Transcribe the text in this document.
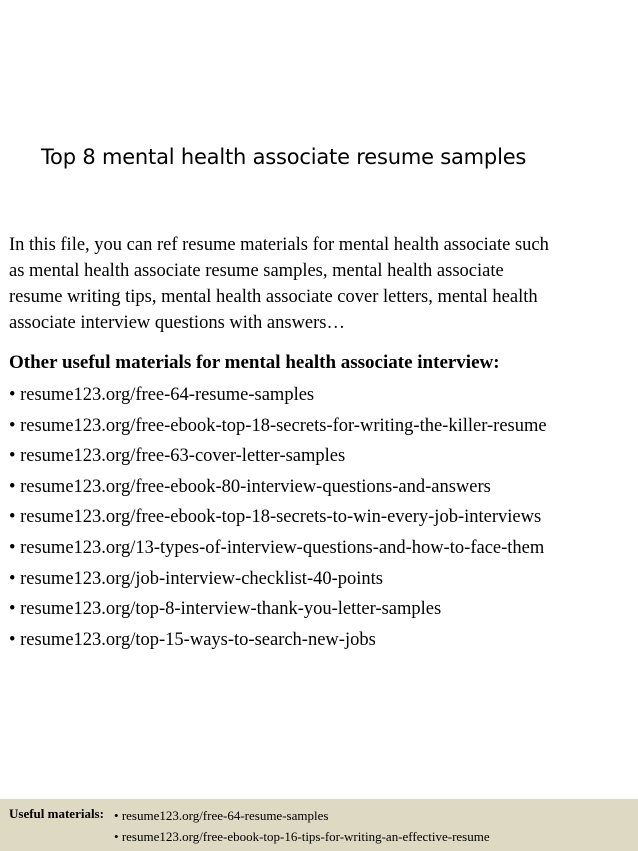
Top 8 mental health associate resume samples
In this file, you can ref resume materials for mental health associate such
as mental health associate resume samples, mental health associate
resume writing tips, mental health associate cover letters, mental health
associate interview questions with answers…
Other useful materials for mental health associate interview:
• resume123.org/free-64-resume-samples
• resume123.org/free-ebook-top-18-secrets-for-writing-the-killer-resume
• resume123.org/free-63-cover-letter-samples
• resume123.org/free-ebook-80-interview-questions-and-answers
• resume123.org/free-ebook-top-18-secrets-to-win-every-job-interviews
• resume123.org/13-types-of-interview-questions-and-how-to-face-them
• resume123.org/job-interview-checklist-40-points
• resume123.org/top-8-interview-thank-you-letter-samples
• resume123.org/top-15-ways-to-search-new-jobs
Useful materials:
•	resume123.org/free-64-resume-samples
• resume123.org/free-ebook-top-16-tips-for-writing-an-effective-resume
